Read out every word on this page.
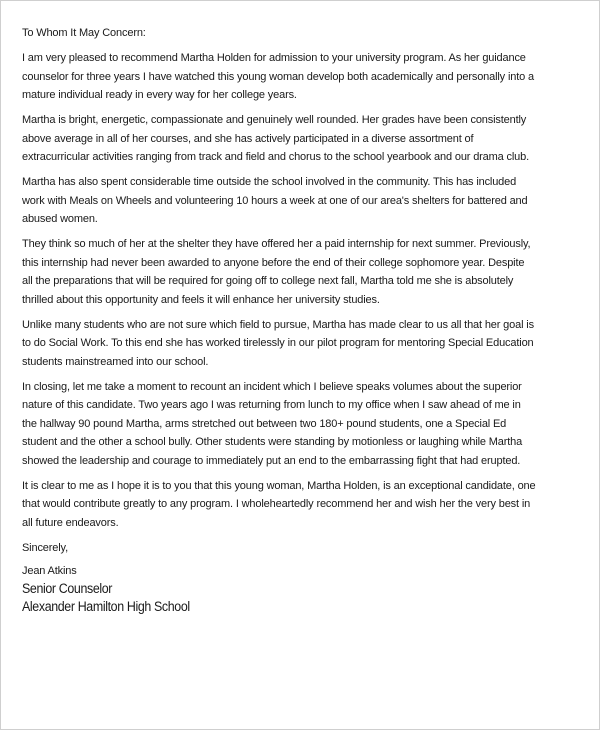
To Whom It May Concern:
I am very pleased to recommend Martha Holden for admission to your university program. As her guidance
counselor for three years I have watched this young woman develop both academically and personally into a
mature individual ready in every way for her college years.
Martha is bright, energetic, compassionate and genuinely well rounded. Her grades have been consistently
above average in all of her courses, and she has actively participated in a diverse assortment of
extracurricular activities ranging from track and field and chorus to the school yearbook and our drama club.
Martha has also spent considerable time outside the school involved in the community. This has included
work with Meals on Wheels and volunteering 10 hours a week at one of our area's shelters for battered and
abused women.
They think so much of her at the shelter they have offered her a paid internship for next summer. Previously,
this internship had never been awarded to anyone before the end of their college sophomore year. Despite
all the preparations that will be required for going off to college next fall, Martha told me she is absolutely
thrilled about this opportunity and feels it will enhance her university studies.
Unlike many students who are not sure which field to pursue, Martha has made clear to us all that her goal is
to do Social Work. To this end she has worked tirelessly in our pilot program for mentoring Special Education
students mainstreamed into our school.
In closing, let me take a moment to recount an incident which I believe speaks volumes about the superior
nature of this candidate. Two years ago I was returning from lunch to my office when I saw ahead of me in
the hallway 90 pound Martha, arms stretched out between two 180+ pound students, one a Special Ed
student and the other a school bully. Other students were standing by motionless or laughing while Martha
showed the leadership and courage to immediately put an end to the embarrassing fight that had erupted.
It is clear to me as I hope it is to you that this young woman, Martha Holden, is an exceptional candidate, one
that would contribute greatly to any program. I wholeheartedly recommend her and wish her the very best in
all future endeavors.
Sincerely,
Jean Atkins
Senior Counselor
Alexander Hamilton High School
